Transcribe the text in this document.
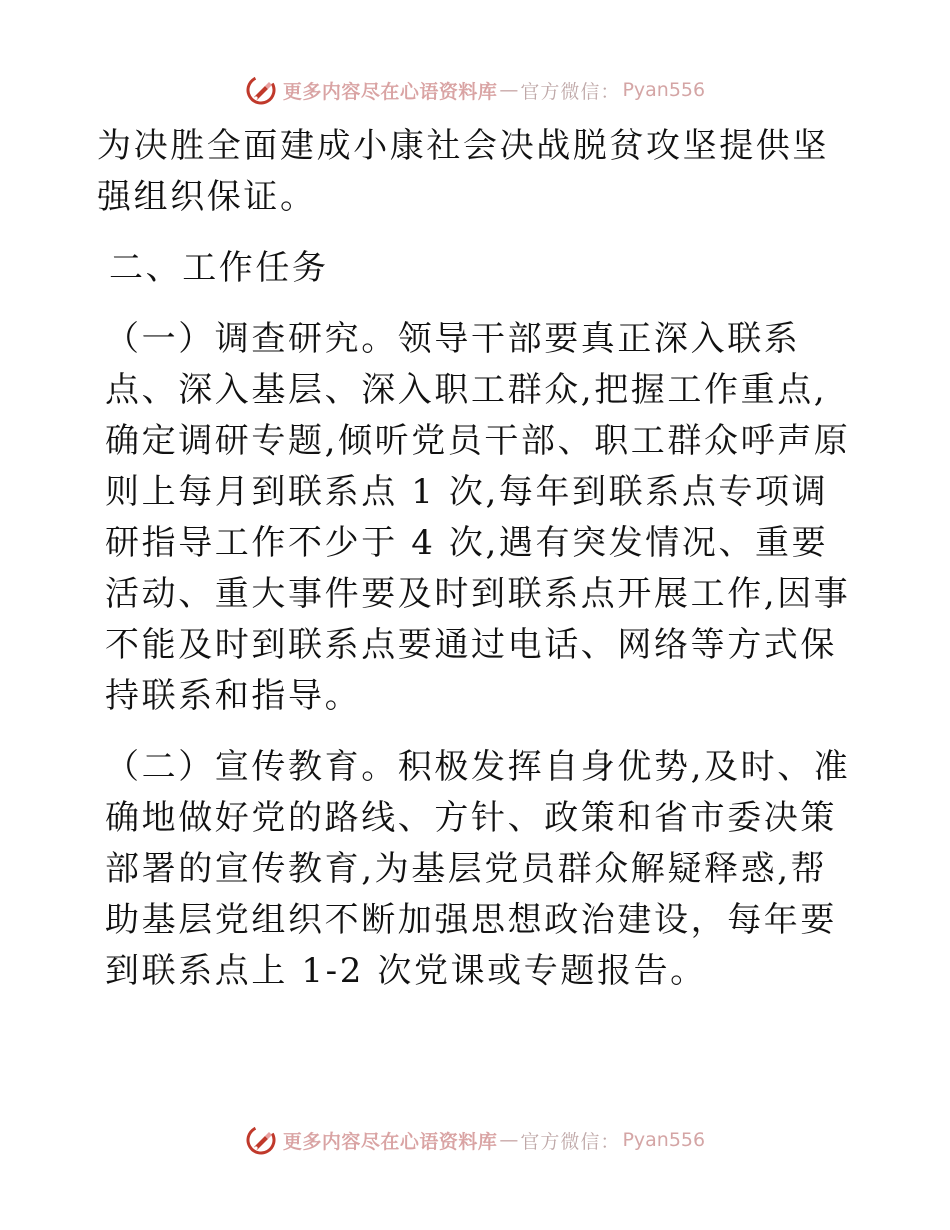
更多内容尽在心语资料库 — 官方微信： Pyan556

为决胜全面建成小康社会决战脱贫攻坚提供坚强组织保证。

二、工作任务

（一）调查研究。领导干部要真正深入联系点、深入基层、深入职工群众,把握工作重点,确定调研专题,倾听党员干部、职工群众呼声原则上每月到联系点 1 次,每年到联系点专项调研指导工作不少于 4 次,遇有突发情况、重要活动、重大事件要及时到联系点开展工作,因事不能及时到联系点要通过电话、网络等方式保持联系和指导。

（二）宣传教育。积极发挥自身优势,及时、准确地做好党的路线、方针、政策和省市委决策部署的宣传教育,为基层党员群众解疑释惑,帮助基层党组织不断加强思想政治建设，每年要到联系点上 1-2 次党课或专题报告。

更多内容尽在心语资料库 — 官方微信： Pyan556
